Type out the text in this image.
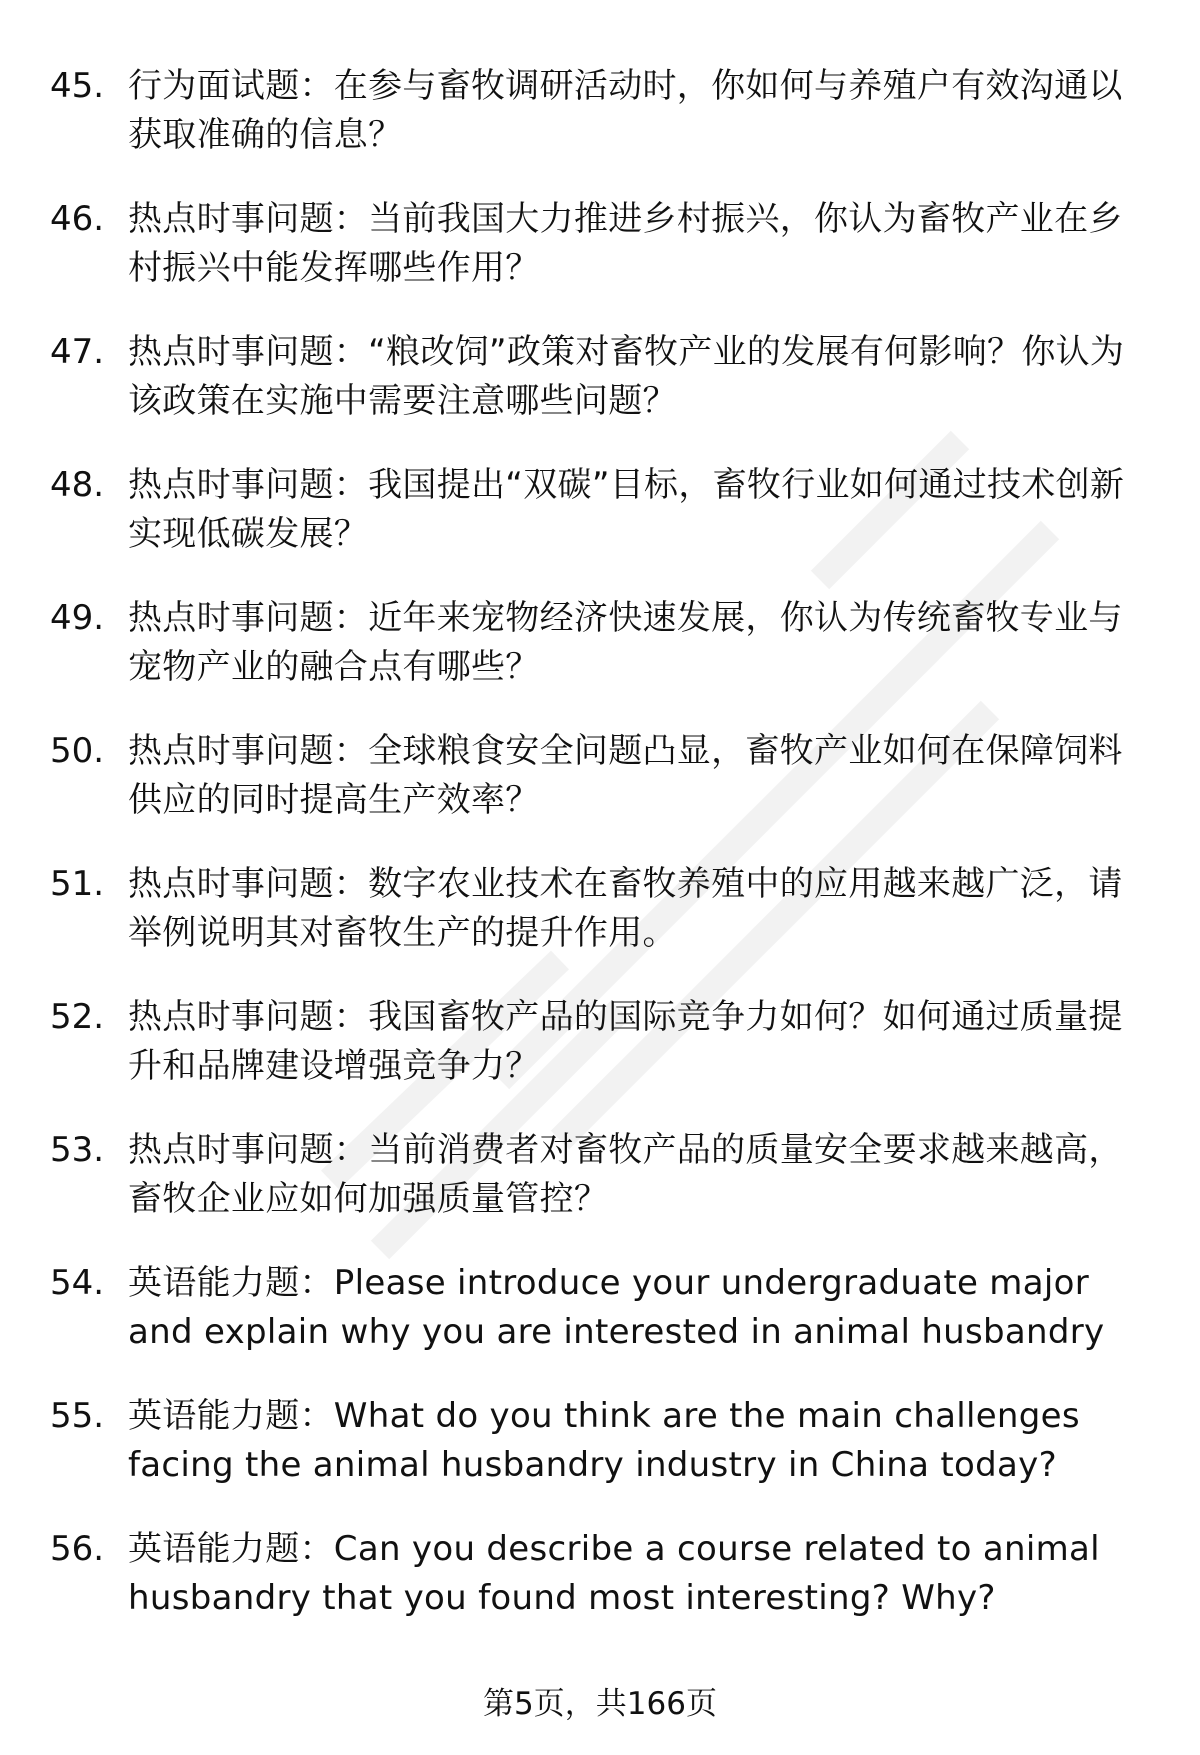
45. 行为面试题：在参与畜牧调研活动时，你如何与养殖户有效沟通以获取准确的信息？
46. 热点时事问题：当前我国大力推进乡村振兴，你认为畜牧产业在乡村振兴中能发挥哪些作用？
47. 热点时事问题：“粮改饲”政策对畜牧产业的发展有何影响？你认为该政策在实施中需要注意哪些问题？
48. 热点时事问题：我国提出“双碳”目标，畜牧行业如何通过技术创新实现低碳发展？
49. 热点时事问题：近年来宠物经济快速发展，你认为传统畜牧专业与宠物产业的融合点有哪些？
50. 热点时事问题：全球粮食安全问题凸显，畜牧产业如何在保障饲料供应的同时提高生产效率？
51. 热点时事问题：数字农业技术在畜牧养殖中的应用越来越广泛，请举例说明其对畜牧生产的提升作用。
52. 热点时事问题：我国畜牧产品的国际竞争力如何？如何通过质量提升和品牌建设增强竞争力？
53. 热点时事问题：当前消费者对畜牧产品的质量安全要求越来越高，畜牧企业应如何加强质量管控？
54. 英语能力题：Please introduce your undergraduate major and explain why you are interested in animal husbandry
55. 英语能力题：What do you think are the main challenges facing the animal husbandry industry in China today?
56. 英语能力题：Can you describe a course related to animal husbandry that you found most interesting? Why?
第5页，共166页
